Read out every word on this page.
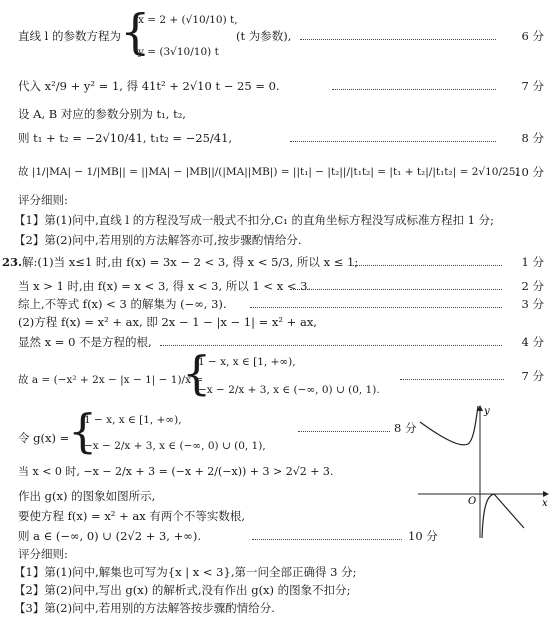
直线 l 的参数方程为 {
x = 2 + (√10/10) t,
y = (3√10/10) t
(t 为参数),	6 分
代入 x²/9 + y² = 1, 得 41t² + 2√10 t − 25 = 0.	7 分
设 A, B 对应的参数分别为 t₁, t₂,
则 t₁ + t₂ = −2√10/41, t₁t₂ = −25/41,	8 分
故 |1/|MA| − 1/|MB|| = ||MA| − |MB||/(|MA||MB|) = ||t₁| − |t₂||/|t₁t₂| = |t₁ + t₂|/|t₁t₂| = 2√10/25.
10 分
评分细则:
【1】第(1)问中,直线 l 的方程没写成一般式不扣分,C₁ 的直角坐标方程没写成标准方程扣 1 分;
【2】第(2)问中,若用别的方法解答亦可,按步骤酌情给分.
23. 解:(1)当 x≤1 时,由 f(x) = 3x − 2 < 3, 得 x < 5/3, 所以 x ≤ 1;	1 分
当 x > 1 时,由 f(x) = x < 3, 得 x < 3, 所以 1 < x < 3.	2 分
综上,不等式 f(x) < 3 的解集为 (−∞, 3).	3 分
(2)方程 f(x) = x² + ax, 即 2x − 1 − |x − 1| = x² + ax,
显然 x = 0 不是方程的根,	4 分
故 a = (−x² + 2x − |x − 1| − 1)/x =
{
1 − x, x ∈ [1, +∞),
−x − 2/x + 3, x ∈ (−∞, 0) ∪ (0, 1).
7 分
令 g(x) =
{
1 − x, x ∈ [1, +∞),
−x − 2/x + 3, x ∈ (−∞, 0) ∪ (0, 1),
8 分
当 x < 0 时, −x − 2/x + 3 = (−x + 2/(−x)) + 3 > 2√2 + 3.
作出 g(x) 的图象如图所示,
要使方程 f(x) = x² + ax 有两个不等实数根,
则 a ∈ (−∞, 0) ∪ (2√2 + 3, +∞).	10 分
评分细则:
【1】第(1)问中,解集也可写为{x | x < 3},第一问全部正确得 3 分;
【2】第(2)问中,写出 g(x) 的解析式,没有作出 g(x) 的图象不扣分;
【3】第(2)问中,若用别的方法解答按步骤酌情给分.
y
x
O
